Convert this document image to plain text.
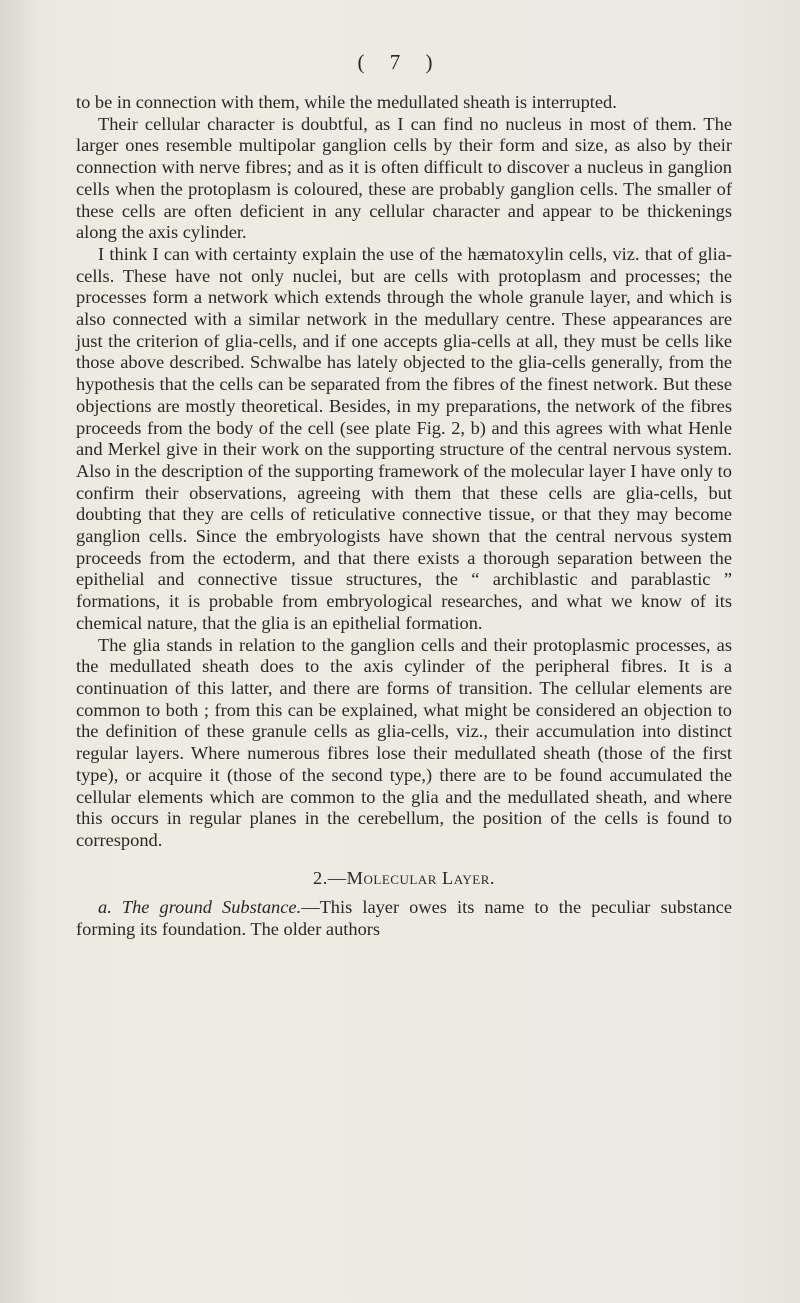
( 7 )

to be in connection with them, while the medullated sheath is interrupted.

Their cellular character is doubtful, as I can find no nucleus in most of them. The larger ones resemble multipolar ganglion cells by their form and size, as also by their connection with nerve fibres; and as it is often difficult to discover a nucleus in ganglion cells when the protoplasm is coloured, these are probably ganglion cells. The smaller of these cells are often deficient in any cellular character and appear to be thickenings along the axis cylinder.

I think I can with certainty explain the use of the hæmatoxylin cells, viz. that of glia-cells. These have not only nuclei, but are cells with protoplasm and processes; the processes form a network which extends through the whole granule layer, and which is also connected with a similar network in the medullary centre. These appearances are just the criterion of glia-cells, and if one accepts glia-cells at all, they must be cells like those above described. Schwalbe has lately objected to the glia-cells generally, from the hypothesis that the cells can be separated from the fibres of the finest network. But these objections are mostly theoretical. Besides, in my preparations, the network of the fibres proceeds from the body of the cell (see plate Fig. 2, b) and this agrees with what Henle and Merkel give in their work on the supporting structure of the central nervous system. Also in the description of the supporting framework of the molecular layer I have only to confirm their observations, agreeing with them that these cells are glia-cells, but doubting that they are cells of reticulative connective tissue, or that they may become ganglion cells. Since the embryologists have shown that the central nervous system proceeds from the ectoderm, and that there exists a thorough separation between the epithelial and connective tissue structures, the “ archiblastic and parablastic ” formations, it is probable from embryological researches, and what we know of its chemical nature, that the glia is an epithelial formation.

The glia stands in relation to the ganglion cells and their protoplasmic processes, as the medullated sheath does to the axis cylinder of the peripheral fibres. It is a continuation of this latter, and there are forms of transition. The cellular elements are common to both ; from this can be explained, what might be considered an objection to the definition of these granule cells as glia-cells, viz., their accumulation into distinct regular layers. Where numerous fibres lose their medullated sheath (those of the first type), or acquire it (those of the second type,) there are to be found accumulated the cellular elements which are common to the glia and the medullated sheath, and where this occurs in regular planes in the cerebellum, the position of the cells is found to correspond.

2.—Molecular Layer.

a. The ground Substance.—This layer owes its name to the peculiar substance forming its foundation. The older authors
